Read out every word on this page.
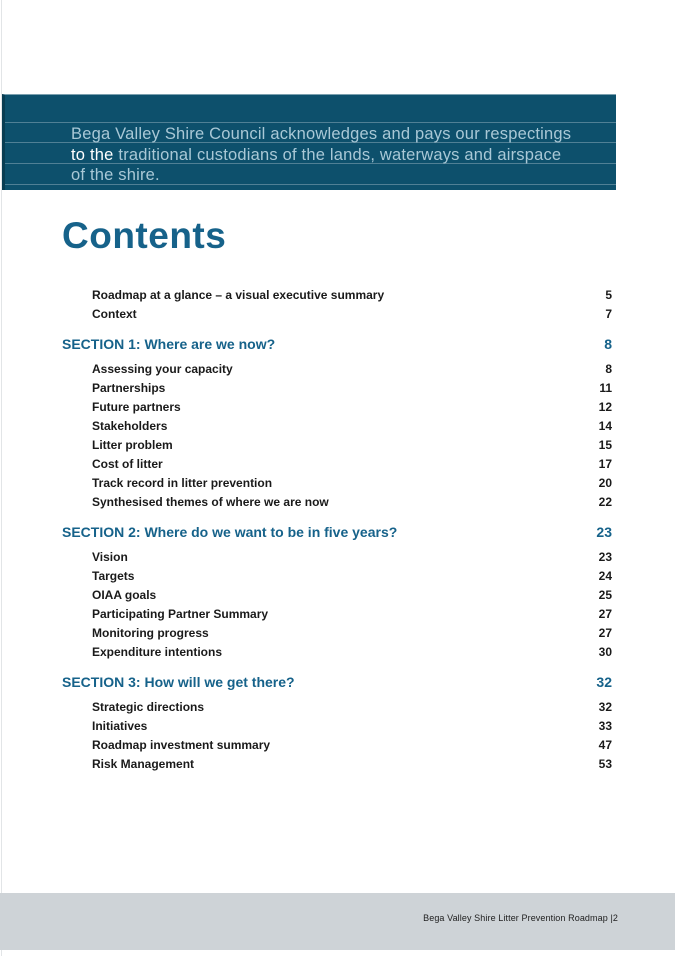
Bega Valley Shire Council acknowledges and pays our respectings
to the traditional custodians of the lands, waterways and airspace
of the shire.
Contents
Roadmap at a glance – a visual executive summary	5
Context	7
SECTION 1: Where are we now?	8
Assessing your capacity	8
Partnerships	11
Future partners	12
Stakeholders	14
Litter problem	15
Cost of litter	17
Track record in litter prevention	20
Synthesised themes of where we are now	22
SECTION 2: Where do we want to be in five years?	23
Vision	23
Targets	24
OIAA goals	25
Participating Partner Summary	27
Monitoring progress	27
Expenditure intentions	30
SECTION 3: How will we get there?	32
Strategic directions	32
Initiatives	33
Roadmap investment summary	47
Risk Management	53
Bega Valley Shire Litter Prevention Roadmap |2
